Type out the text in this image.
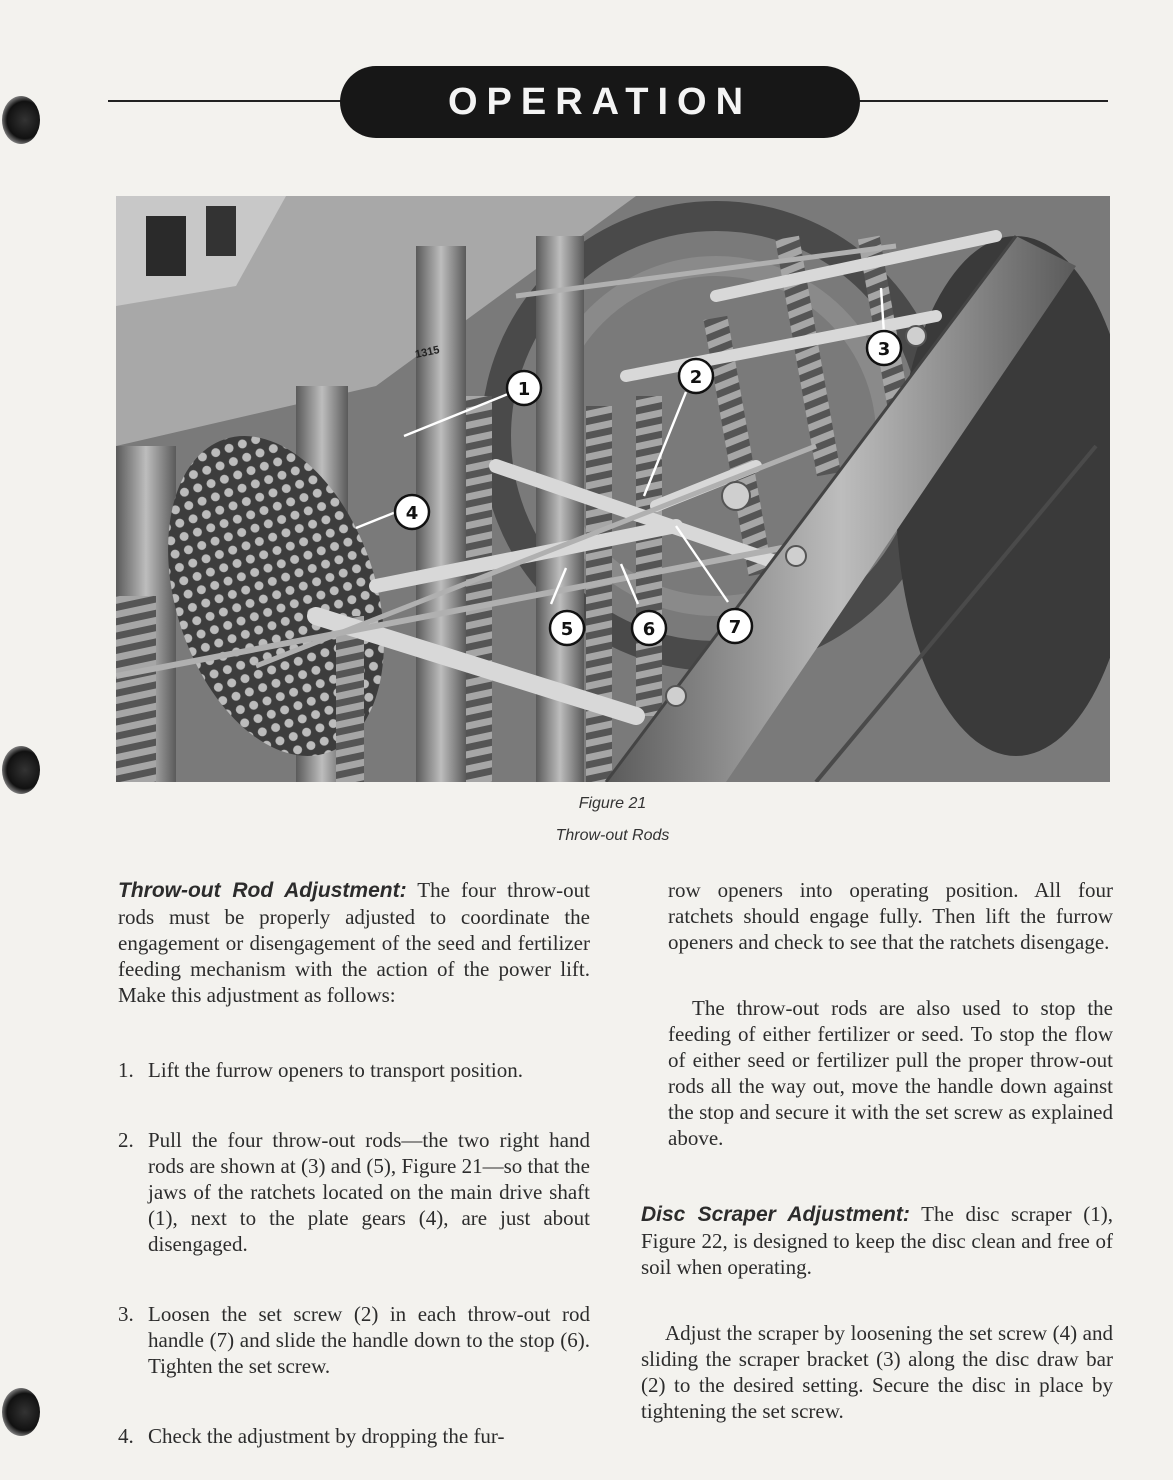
OPERATION
1315
1
2
3
4
5	6	7
Figure 21
Throw-out Rods

Throw-out Rod Adjustment: The four throw-out rods must be properly adjusted to coordinate the engagement or disengagement of the seed and fertilizer feeding mechanism with the action of the power lift. Make this adjustment as follows:

1. Lift the furrow openers to transport position.
2. Pull the four throw-out rods—the two right hand rods are shown at (3) and (5), Figure 21—so that the jaws of the ratchets located on the main drive shaft (1), next to the plate gears (4), are just about disengaged.
3. Loosen the set screw (2) in each throw-out rod handle (7) and slide the handle down to the stop (6). Tighten the set screw.
4. Check the adjustment by dropping the fur-

row openers into operating position. All four ratchets should engage fully. Then lift the furrow openers and check to see that the ratchets disengage.

The throw-out rods are also used to stop the feeding of either fertilizer or seed. To stop the flow of either seed or fertilizer pull the proper throw-out rods all the way out, move the handle down against the stop and secure it with the set screw as explained above.

Disc Scraper Adjustment: The disc scraper (1), Figure 22, is designed to keep the disc clean and free of soil when operating.

Adjust the scraper by loosening the set screw (4) and sliding the scraper bracket (3) along the disc draw bar (2) to the desired setting. Secure the disc in place by tightening the set screw.
